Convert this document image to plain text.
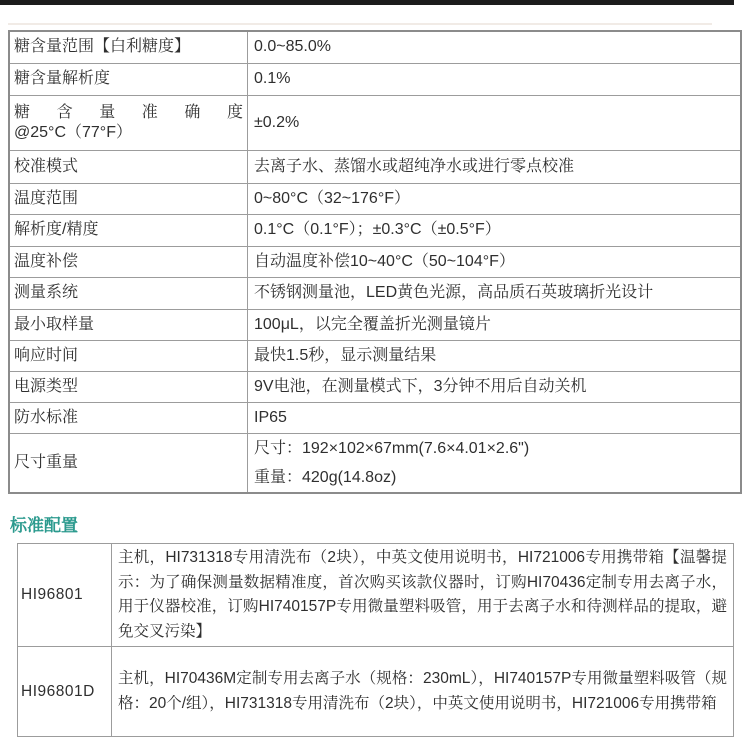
糖含量范围【白利糖度】	0.0~85.0%
糖含量解析度	0.1%

糖含量准确度
@25°C（77°F）	±0.2%
校准模式	去离子水、蒸馏水或超纯净水或进行零点校准
温度范围	0~80°C（32~176°F）
解析度/精度	0.1°C（0.1°F）；±0.3°C（±0.5°F）
温度补偿	自动温度补偿10~40°C（50~104°F）
测量系统	不锈钢测量池，LED黄色光源，高品质石英玻璃折光设计
最小取样量	100μL，以完全覆盖折光测量镜片
响应时间	最快1.5秒，显示测量结果
电源类型	9V电池，在测量模式下，3分钟不用后自动关机
防水标准	IP65
尺寸重量	尺寸：192×102×67mm(7.6×4.01×2.6")
重量：420g(14.8oz)
标准配置
HI96801	主机，HI731318专用清洗布（2块），中英文使用说明书，HI721006专用携带箱【温馨提示：为了确保测量数据精准度，首次购买该款仪器时，订购HI70436定制专用去离子水，用于仪器校准，订购HI740157P专用微量塑料吸管，用于去离子水和待测样品的提取，避免交叉污染】
HI96801D	主机，HI70436M定制专用去离子水（规格：230mL），HI740157P专用微量塑料吸管（规格：20个/组），HI731318专用清洗布（2块），中英文使用说明书，HI721006专用携带箱
